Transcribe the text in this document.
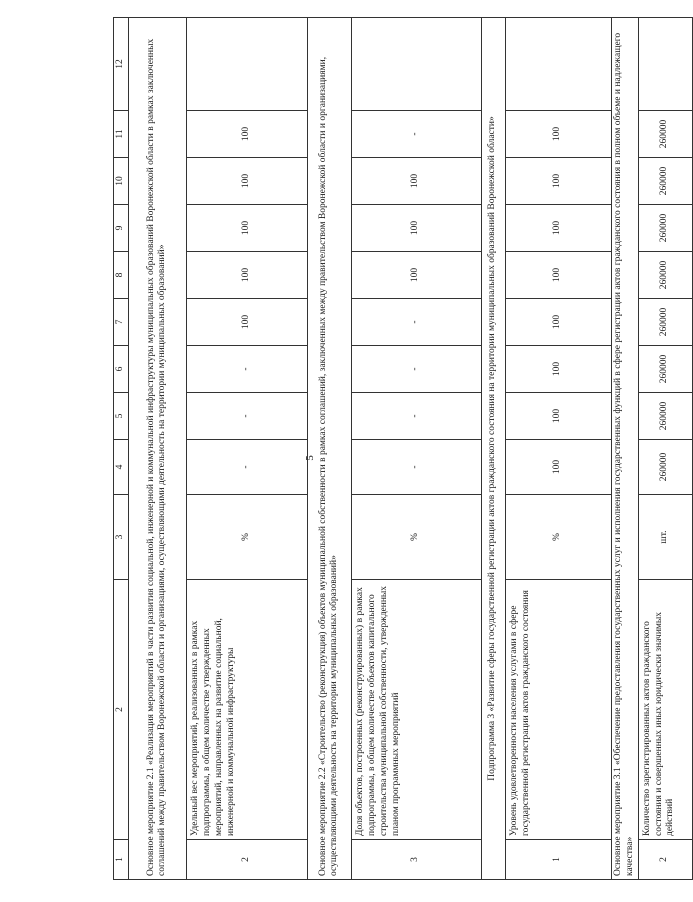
5
1	2	3	4	5	6	7	8	9	10	11	12
Основное мероприятие 2.1 «Реализация мероприятий в части развития социальной, инженерной и коммунальной инфраструктуры муниципальных образований Воронежской области в рамках заключенных соглашений между правительством Воронежской области и организациями, осуществляющими деятельность на территории муниципальных образований»											
2	Удельный вес мероприятий, реализованных в рамках подпрограммы, в общем количестве утвержденных мероприятий, направленных на развитие социальной, инженерной и коммунальной инфраструктуры	%	-	-	-	100	100	100	100	100	
Основное мероприятие 2.2 «Строительство (реконструкция) объектов муниципальной собственности в рамках соглашений, заключенных между правительством Воронежской области и организациями, осуществляющими деятельность на территории муниципальных образований»											
3	Доля объектов, построенных (реконструированных) в рамках подпрограммы, в общем количестве объектов капитального строительства муниципальной собственности, утвержденных планом программных мероприятий	%	-	-	-	-	100	100	100	-	
Подпрограмма 3 «Развитие сферы государственной регистрации актов гражданского состояния на территории муниципальных образований Воронежской области»											
1	Уровень удовлетворенности населения услугами в сфере государственной регистрации актов гражданского состояния	%	100	100	100	100	100	100	100	100	
Основное мероприятие 3.1 «Обеспечение предоставления государственных услуг и исполнения государственных функций в сфере регистрации актов гражданского состояния в полном объеме и надлежащего качества»											
2	Количество зарегистрированных актов гражданского состояния и совершенных иных юридически значимых действий	шт.	260000	260000	260000	260000	260000	260000	260000	260000	
